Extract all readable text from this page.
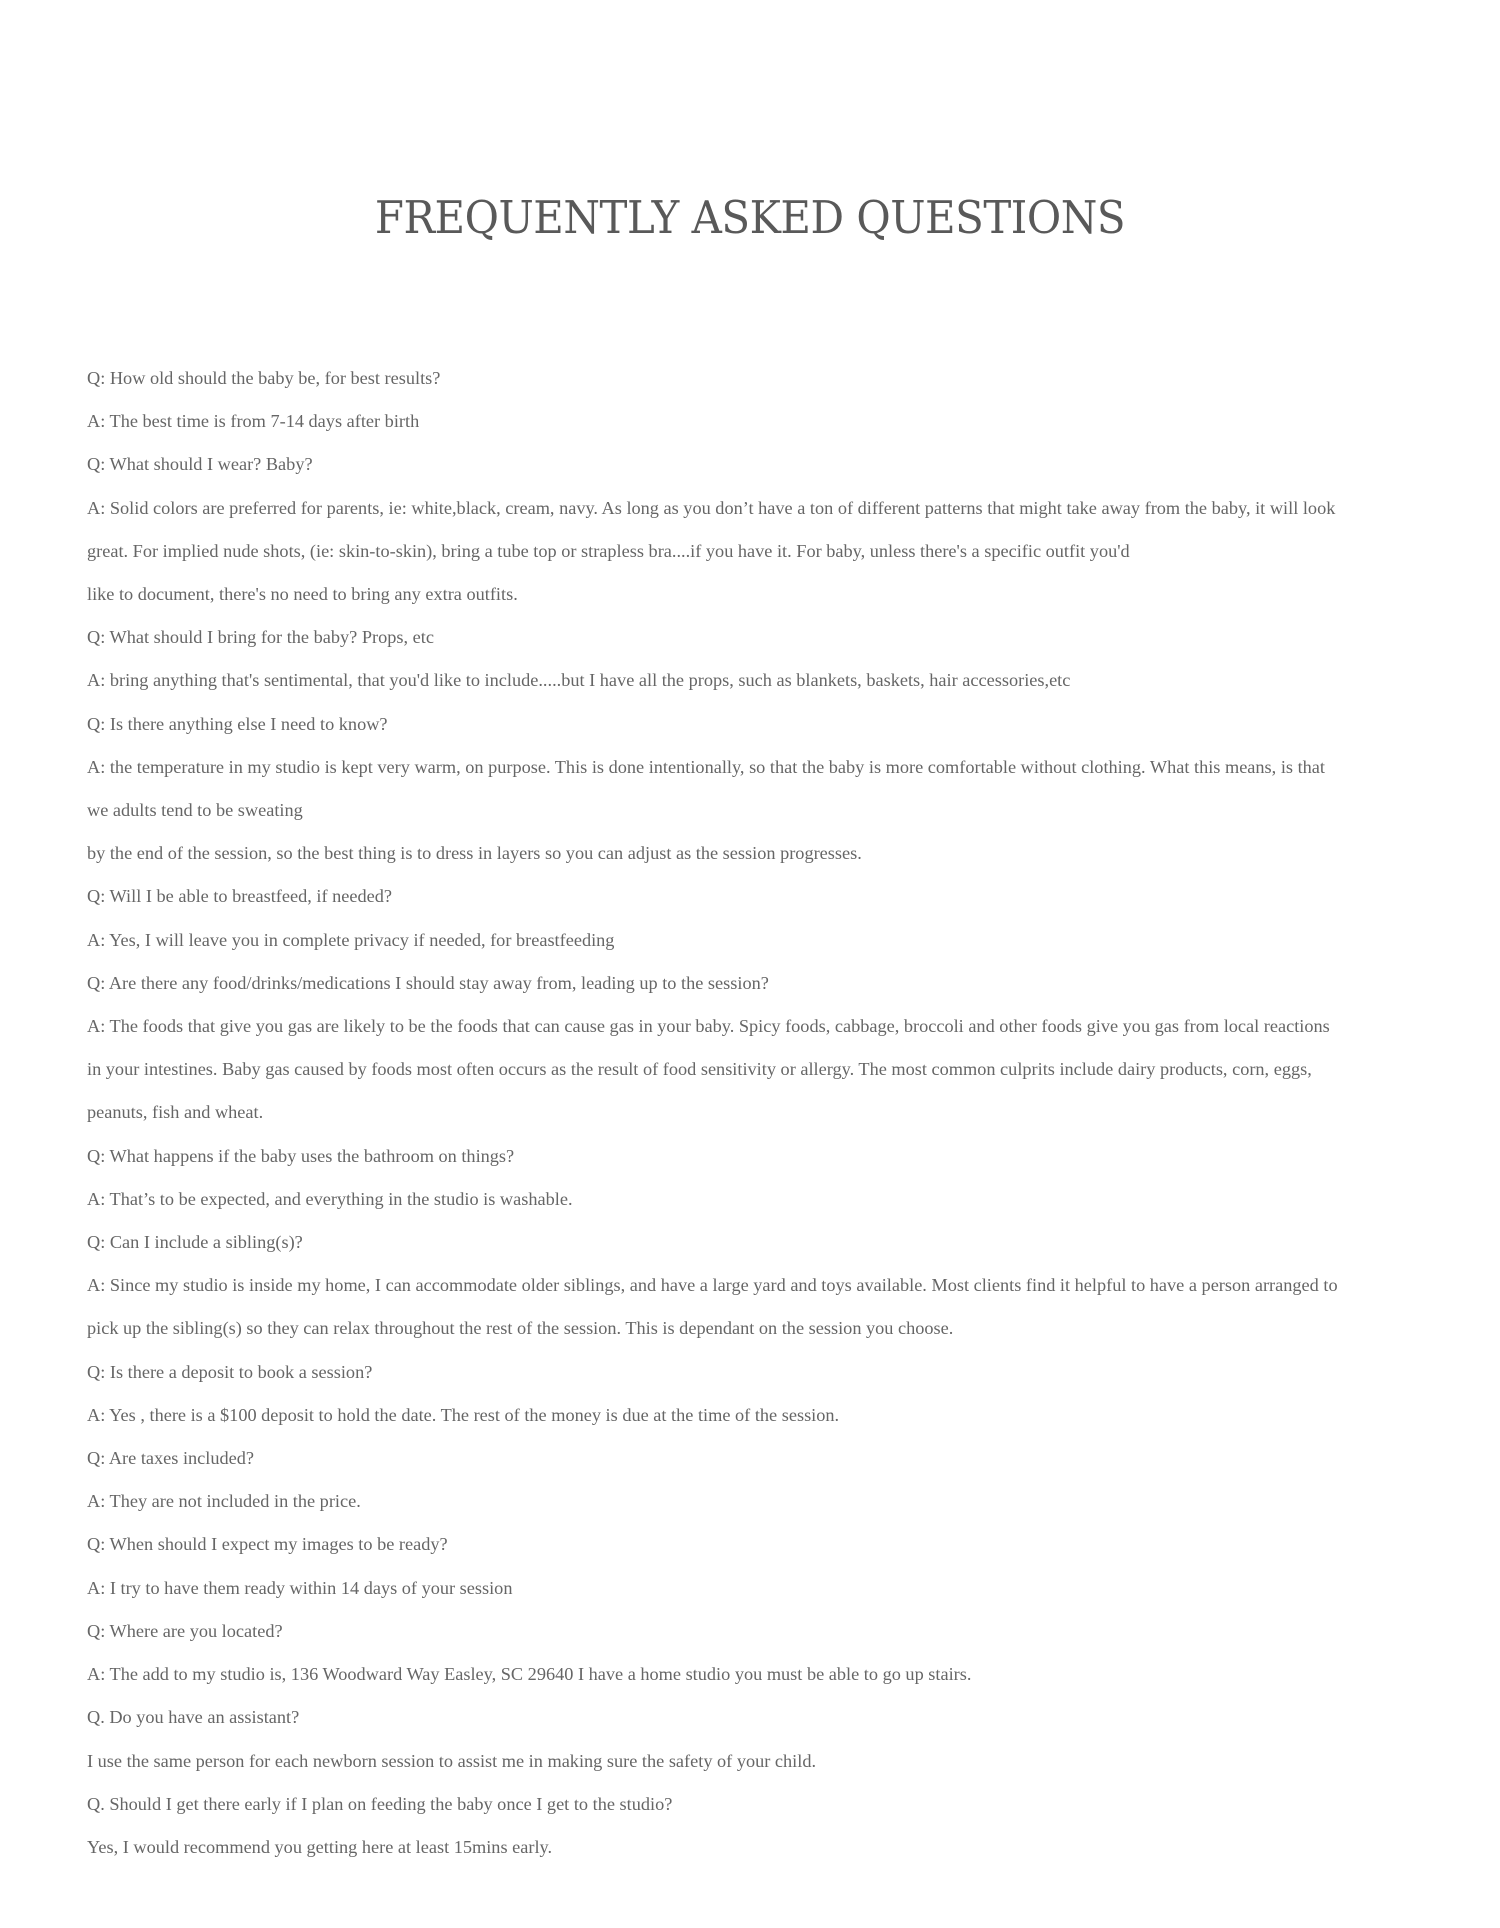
FREQUENTLY ASKED QUESTIONS

Q: How old should the baby be, for best results?

A: The best time is from 7-14 days after birth

Q: What should I wear? Baby?

A: Solid colors are preferred for parents, ie: white,black, cream, navy. As long as you don’t have a ton of different patterns that might take away from the baby, it will look

great. For implied nude shots, (ie: skin-to-skin), bring a tube top or strapless bra....if you have it. For baby, unless there's a specific outfit you'd

like to document, there's no need to bring any extra outfits.

Q: What should I bring for the baby? Props, etc

A: bring anything that's sentimental, that you'd like to include.....but I have all the props, such as blankets, baskets, hair accessories,etc

Q: Is there anything else I need to know?

A: the temperature in my studio is kept very warm, on purpose. This is done intentionally, so that the baby is more comfortable without clothing. What this means, is that

we adults tend to be sweating

by the end of the session, so the best thing is to dress in layers so you can adjust as the session progresses.

Q: Will I be able to breastfeed, if needed?

A: Yes, I will leave you in complete privacy if needed, for breastfeeding

Q: Are there any food/drinks/medications I should stay away from, leading up to the session?

A: The foods that give you gas are likely to be the foods that can cause gas in your baby. Spicy foods, cabbage, broccoli and other foods give you gas from local reactions

in your intestines. Baby gas caused by foods most often occurs as the result of food sensitivity or allergy. The most common culprits include dairy products, corn, eggs,

peanuts, fish and wheat.

Q: What happens if the baby uses the bathroom on things?

A: That’s to be expected, and everything in the studio is washable.

Q: Can I include a sibling(s)?

A: Since my studio is inside my home, I can accommodate older siblings, and have a large yard and toys available. Most clients find it helpful to have a person arranged to

pick up the sibling(s) so they can relax throughout the rest of the session. This is dependant on the session you choose.

Q: Is there a deposit to book a session?

A: Yes , there is a $100 deposit to hold the date. The rest of the money is due at the time of the session.

Q: Are taxes included?

A: They are not included in the price.

Q: When should I expect my images to be ready?

A: I try to have them ready within 14 days of your session

Q: Where are you located?

A: The add to my studio is, 136 Woodward Way Easley, SC 29640 I have a home studio you must be able to go up stairs.

Q. Do you have an assistant?

I use the same person for each newborn session to assist me in making sure the safety of your child.

Q. Should I get there early if I plan on feeding the baby once I get to the studio?

Yes, I would recommend you getting here at least 15mins early.
